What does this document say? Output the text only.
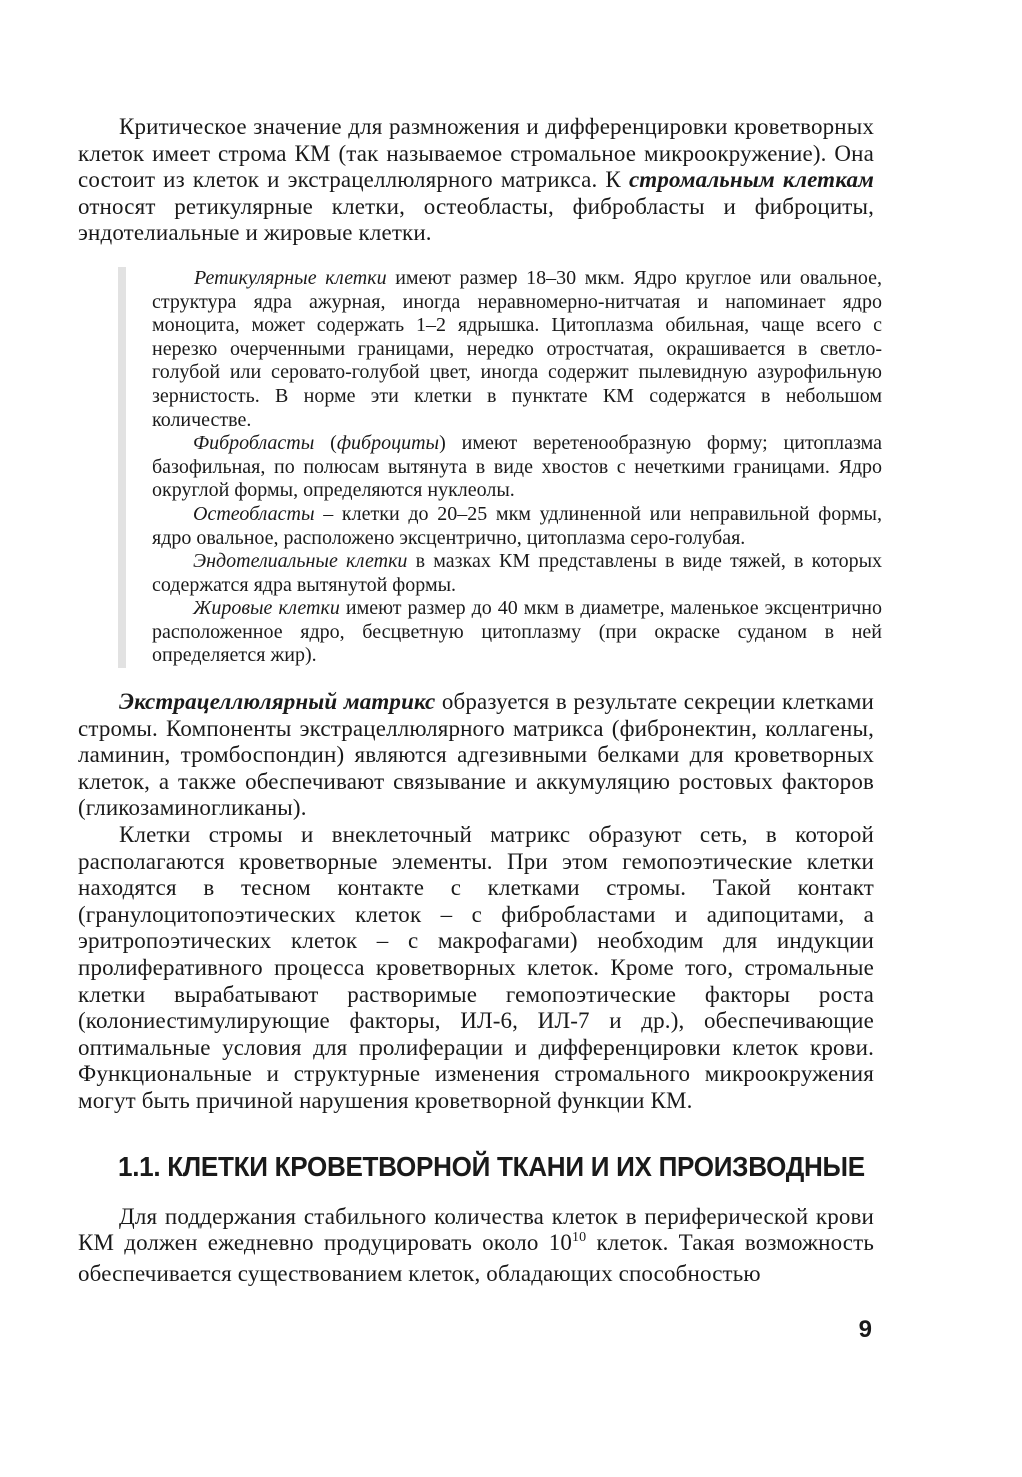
Критическое значение для размножения и дифференцировки кроветворных клеток имеет строма КМ (так называемое стромальное микроокружение). Она состоит из клеток и экстрацеллюлярного матрикса. К стромальным клеткам относят ретикулярные клетки, остеобласты, фибробласты и фиброциты, эндотелиальные и жировые клетки.

Ретикулярные клетки имеют размер 18–30 мкм. Ядро круглое или овальное, структура ядра ажурная, иногда неравномерно-нитчатая и напоминает ядро моноцита, может содержать 1–2 ядрышка. Цитоплазма обильная, чаще всего с нерезко очерченными границами, нередко отростчатая, окрашивается в светло-голубой или серовато-голубой цвет, иногда содержит пылевидную азурофильную зернистость. В норме эти клетки в пунктате КМ содержатся в небольшом количестве.

Фибробласты (фиброциты) имеют веретенообразную форму; цитоплазма базофильная, по полюсам вытянута в виде хвостов с нечеткими границами. Ядро округлой формы, определяются нуклеолы.

Остеобласты – клетки до 20–25 мкм удлиненной или неправильной формы, ядро овальное, расположено эксцентрично, цитоплазма серо-голубая.

Эндотелиальные клетки в мазках КМ представлены в виде тяжей, в которых содержатся ядра вытянутой формы.

Жировые клетки имеют размер до 40 мкм в диаметре, маленькое эксцентрично расположенное ядро, бесцветную цитоплазму (при окраске суданом в ней определяется жир).

Экстрацеллюлярный матрикс образуется в результате секреции клетками стромы. Компоненты экстрацеллюлярного матрикса (фибронектин, коллагены, ламинин, тромбоспондин) являются адгезивными белками для кроветворных клеток, а также обеспечивают связывание и аккумуляцию ростовых факторов (гликозаминогликаны).

Клетки стромы и внеклеточный матрикс образуют сеть, в которой располагаются кроветворные элементы. При этом гемопоэтические клетки находятся в тесном контакте с клетками стромы. Такой контакт (гранулоцитопоэтических клеток – с фибробластами и адипоцитами, а эритропоэтических клеток – с макрофагами) необходим для индукции пролиферативного процесса кроветворных клеток. Кроме того, стромальные клетки вырабатывают растворимые гемопоэтические факторы роста (колониестимулирующие факторы, ИЛ-6, ИЛ-7 и др.), обеспечивающие оптимальные условия для пролиферации и дифференцировки клеток крови. Функциональные и структурные изменения стромального микроокружения могут быть причиной нарушения кроветворной функции КМ.

1.1. КЛЕТКИ КРОВЕТВОРНОЙ ТКАНИ И ИХ ПРОИЗВОДНЫЕ

Для поддержания стабильного количества клеток в периферической крови КМ должен ежедневно продуцировать около $10^{10}$ клеток. Такая возможность обеспечивается существованием клеток, обладающих способностью

9
